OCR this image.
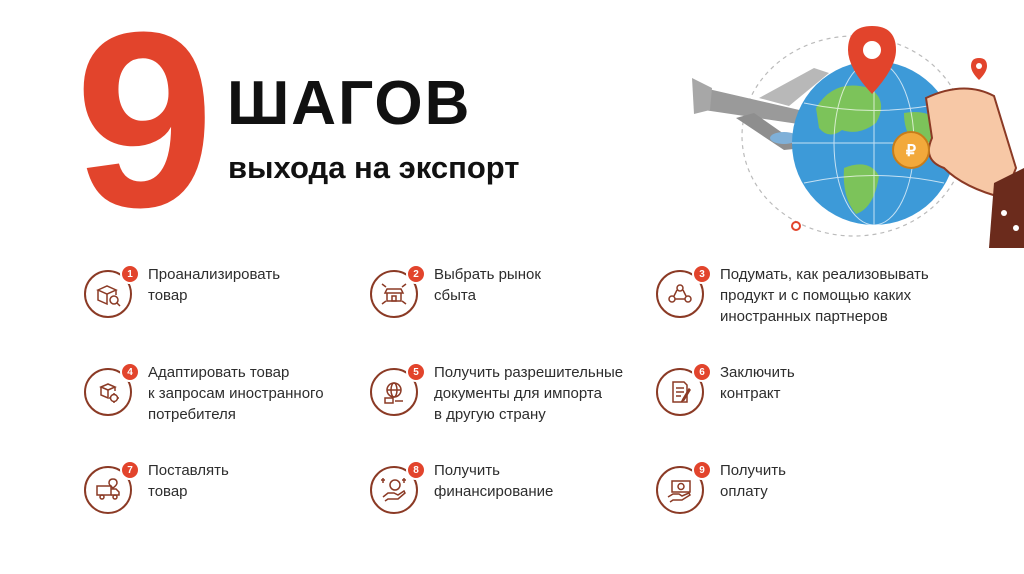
9 ШАГОВ
выхода на экспорт	₽
1	Проанализировать
товар
2	Выбрать рынок
сбыта
3	Подумать, как реализовывать
продукт и с помощью каких
иностранных партнеров
4	Адаптировать товар
к запросам иностранного
потребителя
5	Получить разрешительные
документы для импорта
в другую страну
6	Заключить
контракт
7	Поставлять
товар
8	Получить
финансирование
9	Получить
оплату
